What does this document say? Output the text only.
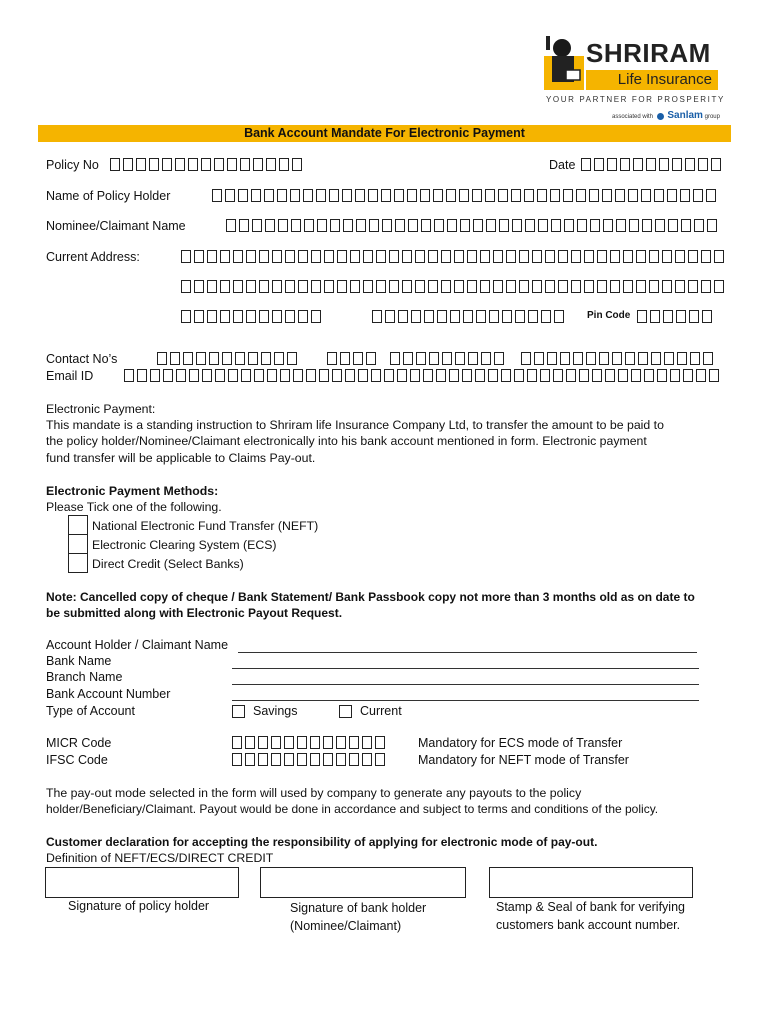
SHRIRAM
Life Insurance
YOUR PARTNER FOR PROSPERITY
associated with Sanlam group
Bank Account Mandate For Electronic Payment
Policy No	Date
Name of Policy Holder
Nominee/Claimant Name
Current Address:
Pin Code
Contact No’s
Email ID
Electronic Payment:
This mandate is a standing instruction to Shriram life Insurance Company Ltd, to transfer the amount to be paid to
the policy holder/Nominee/Claimant electronically into his bank account mentioned in form. Electronic payment
fund transfer will be applicable to Claims Pay-out.
Electronic Payment Methods:
Please Tick one of the following.
National Electronic Fund Transfer (NEFT)
Electronic Clearing System (ECS)
Direct Credit (Select Banks)
Note: Cancelled copy of cheque / Bank Statement/ Bank Passbook copy not more than 3 months old as on date to
be submitted along with Electronic Payout Request.
Account Holder / Claimant Name
Bank Name
Branch Name
Bank Account Number
Type of Account	Savings	Current
MICR Code	Mandatory for ECS mode of Transfer
IFSC Code	Mandatory for NEFT mode of Transfer
The pay-out mode selected in the form will used by company to generate any payouts to the policy
holder/Beneficiary/Claimant. Payout would be done in accordance and subject to terms and conditions of the policy.
Customer declaration for accepting the responsibility of applying for electronic mode of pay-out.
Definition of NEFT/ECS/DIRECT CREDIT
Signature of policy holder	Signature of bank holder
(Nominee/Claimant)
Stamp & Seal of bank for verifying
customers bank account number.
